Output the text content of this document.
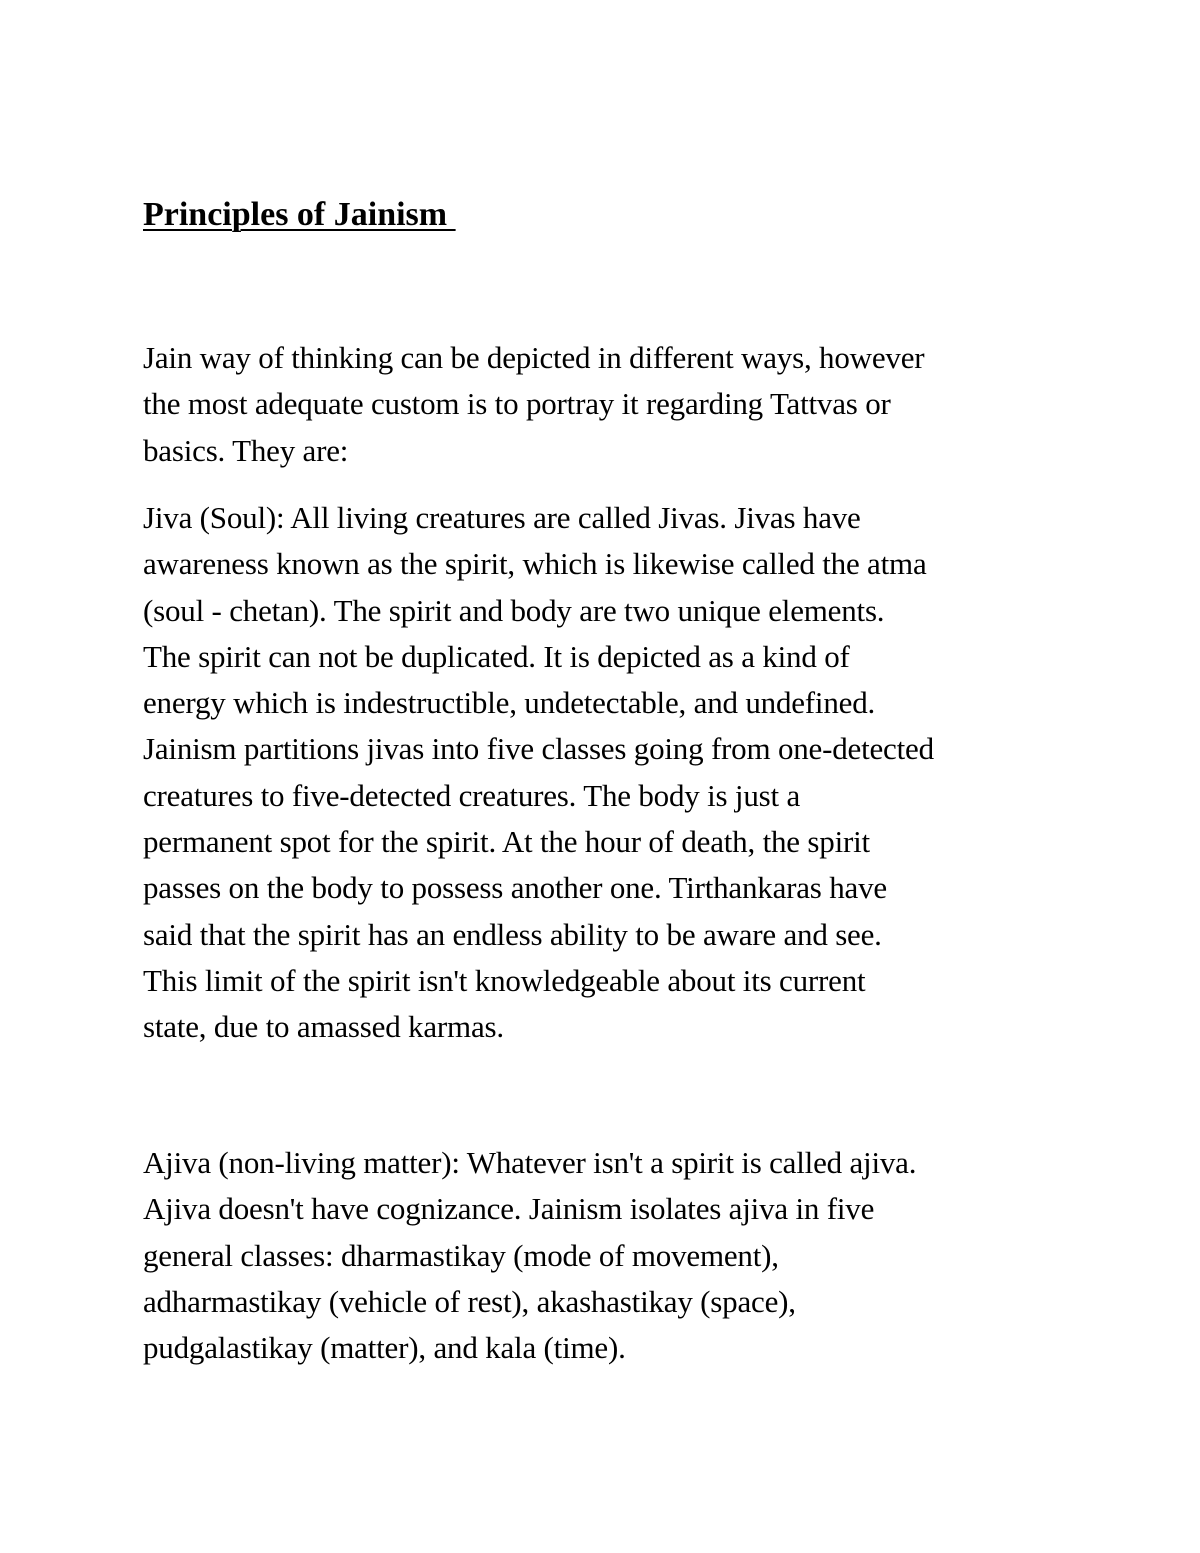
Principles of Jainism
Jain way of thinking can be depicted in different ways, however
the most adequate custom is to portray it regarding Tattvas or
basics. They are:
Jiva (Soul): All living creatures are called Jivas. Jivas have
awareness known as the spirit, which is likewise called the atma
(soul - chetan). The spirit and body are two unique elements.
The spirit can not be duplicated. It is depicted as a kind of
energy which is indestructible, undetectable, and undefined.
Jainism partitions jivas into five classes going from one-detected
creatures to five-detected creatures. The body is just a
permanent spot for the spirit. At the hour of death, the spirit
passes on the body to possess another one. Tirthankaras have
said that the spirit has an endless ability to be aware and see.
This limit of the spirit isn't knowledgeable about its current
state, due to amassed karmas.
Ajiva (non-living matter): Whatever isn't a spirit is called ajiva.
Ajiva doesn't have cognizance. Jainism isolates ajiva in five
general classes: dharmastikay (mode of movement),
adharmastikay (vehicle of rest), akashastikay (space),
pudgalastikay (matter), and kala (time).
